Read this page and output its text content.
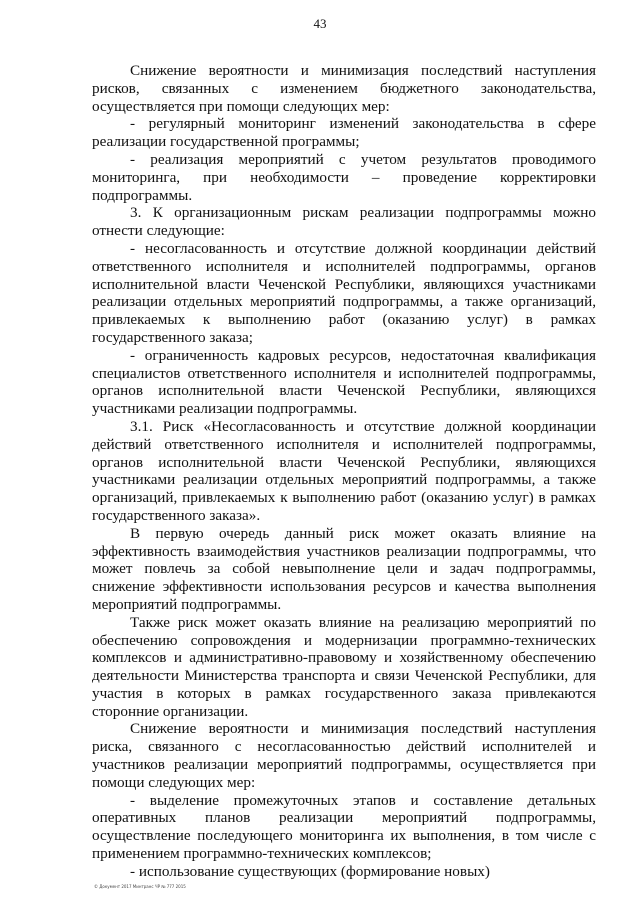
43

Снижение вероятности и минимизация последствий наступления рисков, связанных с изменением бюджетного законодательства, осуществляется при помощи следующих мер:

- регулярный мониторинг изменений законодательства в сфере реализации государственной программы;

- реализация мероприятий с учетом результатов проводимого мониторинга, при необходимости – проведение корректировки подпрограммы.

3. К организационным рискам реализации подпрограммы можно отнести следующие:

- несогласованность и отсутствие должной координации действий ответственного исполнителя и исполнителей подпрограммы, органов исполнительной власти Чеченской Республики, являющихся участниками реализации отдельных мероприятий подпрограммы, а также организаций, привлекаемых к выполнению работ (оказанию услуг) в рамках государственного заказа;

- ограниченность кадровых ресурсов, недостаточная квалификация специалистов ответственного исполнителя и исполнителей подпрограммы, органов исполнительной власти Чеченской Республики, являющихся участниками реализации подпрограммы.

3.1. Риск «Несогласованность и отсутствие должной координации действий ответственного исполнителя и исполнителей подпрограммы, органов исполнительной власти Чеченской Республики, являющихся участниками реализации отдельных мероприятий подпрограммы, а также организаций, привлекаемых к выполнению работ (оказанию услуг) в рамках государственного заказа».

В первую очередь данный риск может оказать влияние на эффективность взаимодействия участников реализации подпрограммы, что может повлечь за собой невыполнение цели и задач подпрограммы, снижение эффективности использования ресурсов и качества выполнения мероприятий подпрограммы.

Также риск может оказать влияние на реализацию мероприятий по обеспечению сопровождения и модернизации программно-технических комплексов и административно-правовому и хозяйственному обеспечению деятельности Министерства транспорта и связи Чеченской Республики, для участия в которых в рамках государственного заказа привлекаются сторонние организации.

Снижение вероятности и минимизация последствий наступления риска, связанного с несогласованностью действий исполнителей и участников реализации мероприятий подпрограммы, осуществляется при помощи следующих мер:

- выделение промежуточных этапов и составление детальных оперативных планов реализации мероприятий подпрограммы, осуществление последующего мониторинга их выполнения, в том числе с применением программно-технических комплексов;

- использование существующих (формирование новых)

© Документ 2017 Минтранс ЧР № 777 2015
